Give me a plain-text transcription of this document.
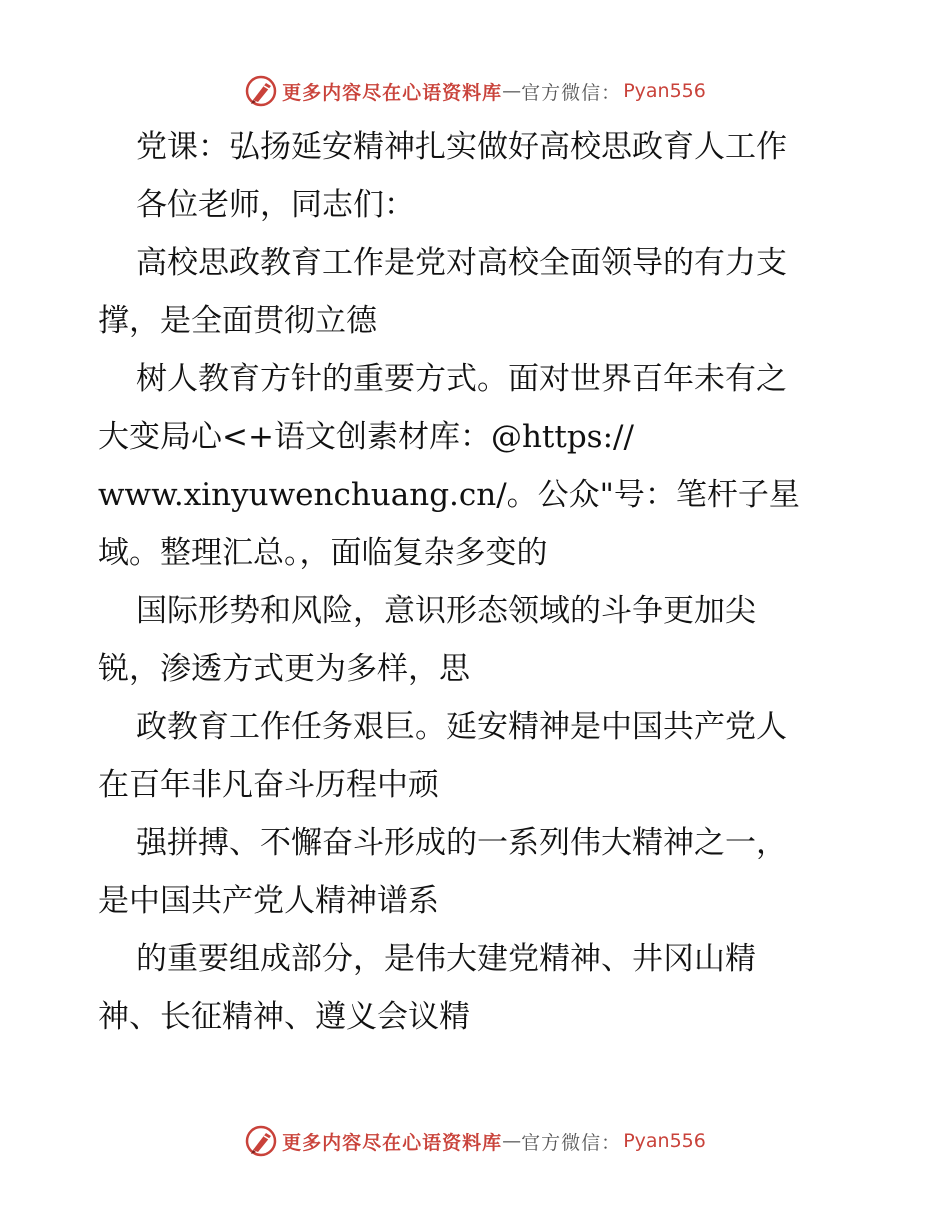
更多内容尽在心语资料库 — 官方微信： Pyan556
党课：弘扬延安精神扎实做好高校思政育人工作
各位老师，同志们：
高校思政教育工作是党对高校全面领导的有力支
撑，是全面贯彻立德
树人教育方针的重要方式。面对世界百年未有之
大变局心<+语文创素材库：@https://
www.xinyuwenchuang.cn/。公众"号：笔杆子星
域。整理汇总。，面临复杂多变的
国际形势和风险，意识形态领域的斗争更加尖
锐，渗透方式更为多样，思
政教育工作任务艰巨。延安精神是中国共产党人
在百年非凡奋斗历程中顽
强拼搏、不懈奋斗形成的一系列伟大精神之一，
是中国共产党人精神谱系
的重要组成部分，是伟大建党精神、井冈山精
神、长征精神、遵义会议精
更多内容尽在心语资料库 — 官方微信： Pyan556
